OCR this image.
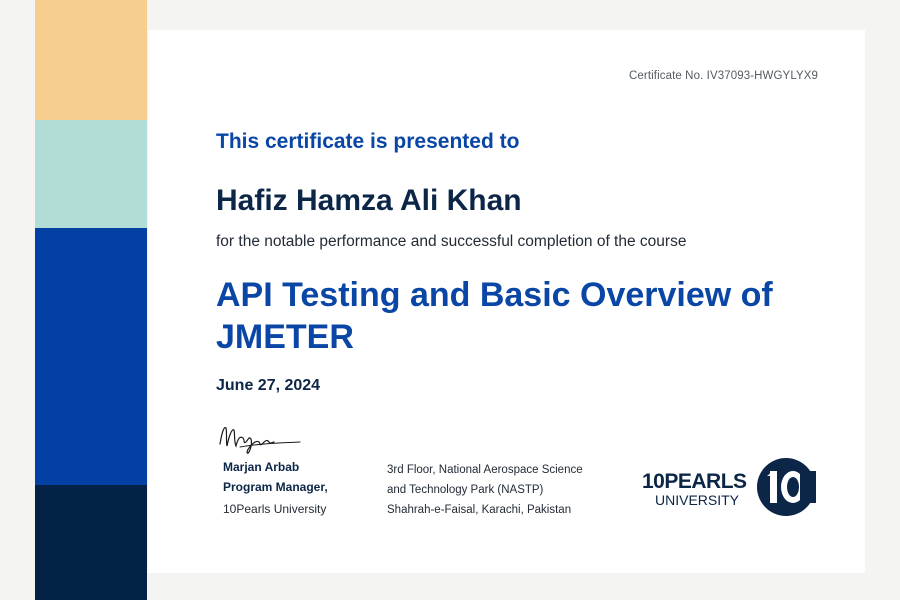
Certificate No. IV37093-HWGYLYX9
This certificate is presented to
Hafiz Hamza Ali Khan
for the notable performance and successful completion of the course
API Testing and Basic Overview of JMETER
June 27, 2024
Marjan Arbab
Program Manager,
10Pearls University
3rd Floor, National Aerospace Science
and Technology Park (NASTP)
Shahrah-e-Faisal, Karachi, Pakistan
10PEARLS
UNIVERSITY
